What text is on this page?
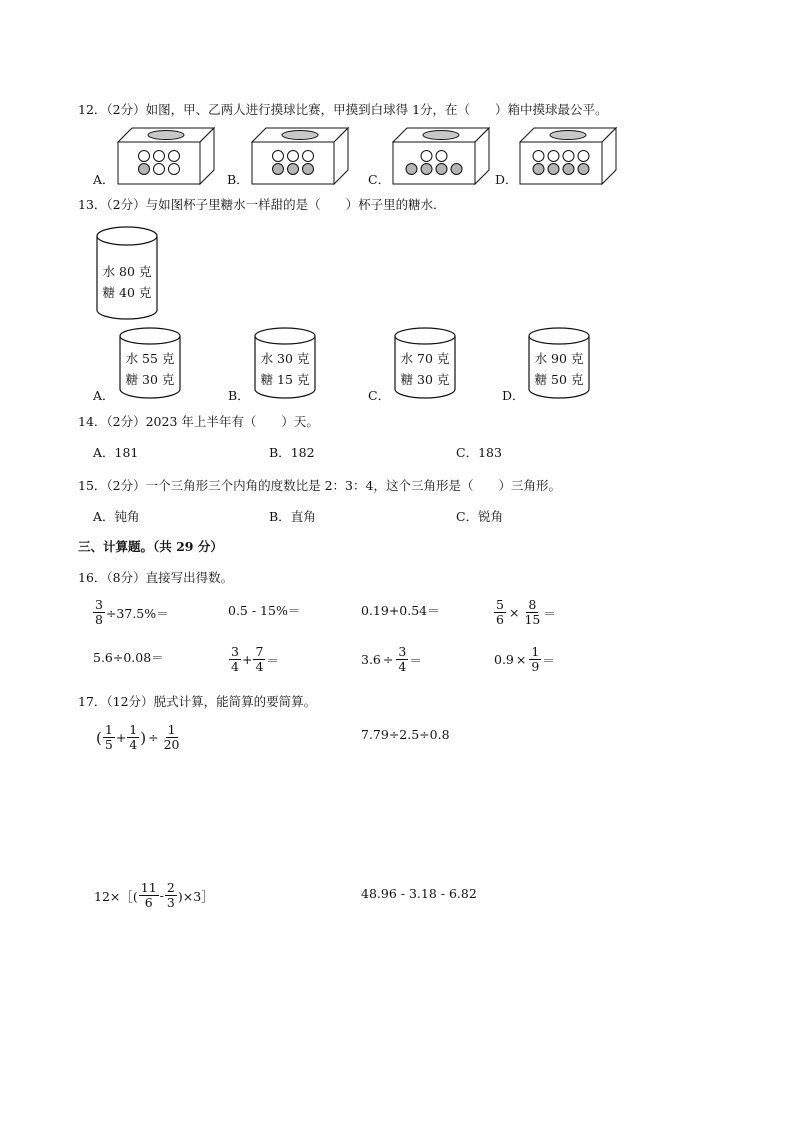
12．（2分）如图，甲、乙两人进行摸球比赛，甲摸到白球得 1分，在（　　）箱中摸球最公平。
A．	B．	C．	D．
13．（2分）与如图杯子里糖水一样甜的是（　　）杯子里的糖水．
水 80 克
糖 40 克
水 55 克
糖 30 克
水 30 克
糖 15 克
水 70 克
糖 30 克
水 90 克
糖 50 克
A．	B．	C．	D．
14．（2分）2023 年上半年有（　　）天。
A．181	B．182	C．183
15．（2分）一个三角形三个内角的度数比是 2：3：4，这个三角形是（　　）三角形。
A．钝角	B．直角	C．锐角
三、计算题。（共 29 分）
16．（8分）直接写出得数。
$\frac{3}{8} \div 37.5\%=$	0.5 - 15%＝	0.19+0.54＝	$\frac{5}{6} \times \frac{8}{15}$ ＝
5.6÷0.08＝	$\frac{3}{4} + \frac{7}{4}$ ＝	$3.6 \div \frac{3}{4}$ ＝	$0.9 \times \frac{1}{9}$ ＝
17．（12分）脱式计算，能简算的要简算。
( $\frac{1}{5} + \frac{1}{4}$ ) ÷ $\frac{1}{20}$	7.79÷2.5÷0.8
12×［( $\frac{11}{6} - \frac{2}{3}$ )×3］	48.96 - 3.18 - 6.82
